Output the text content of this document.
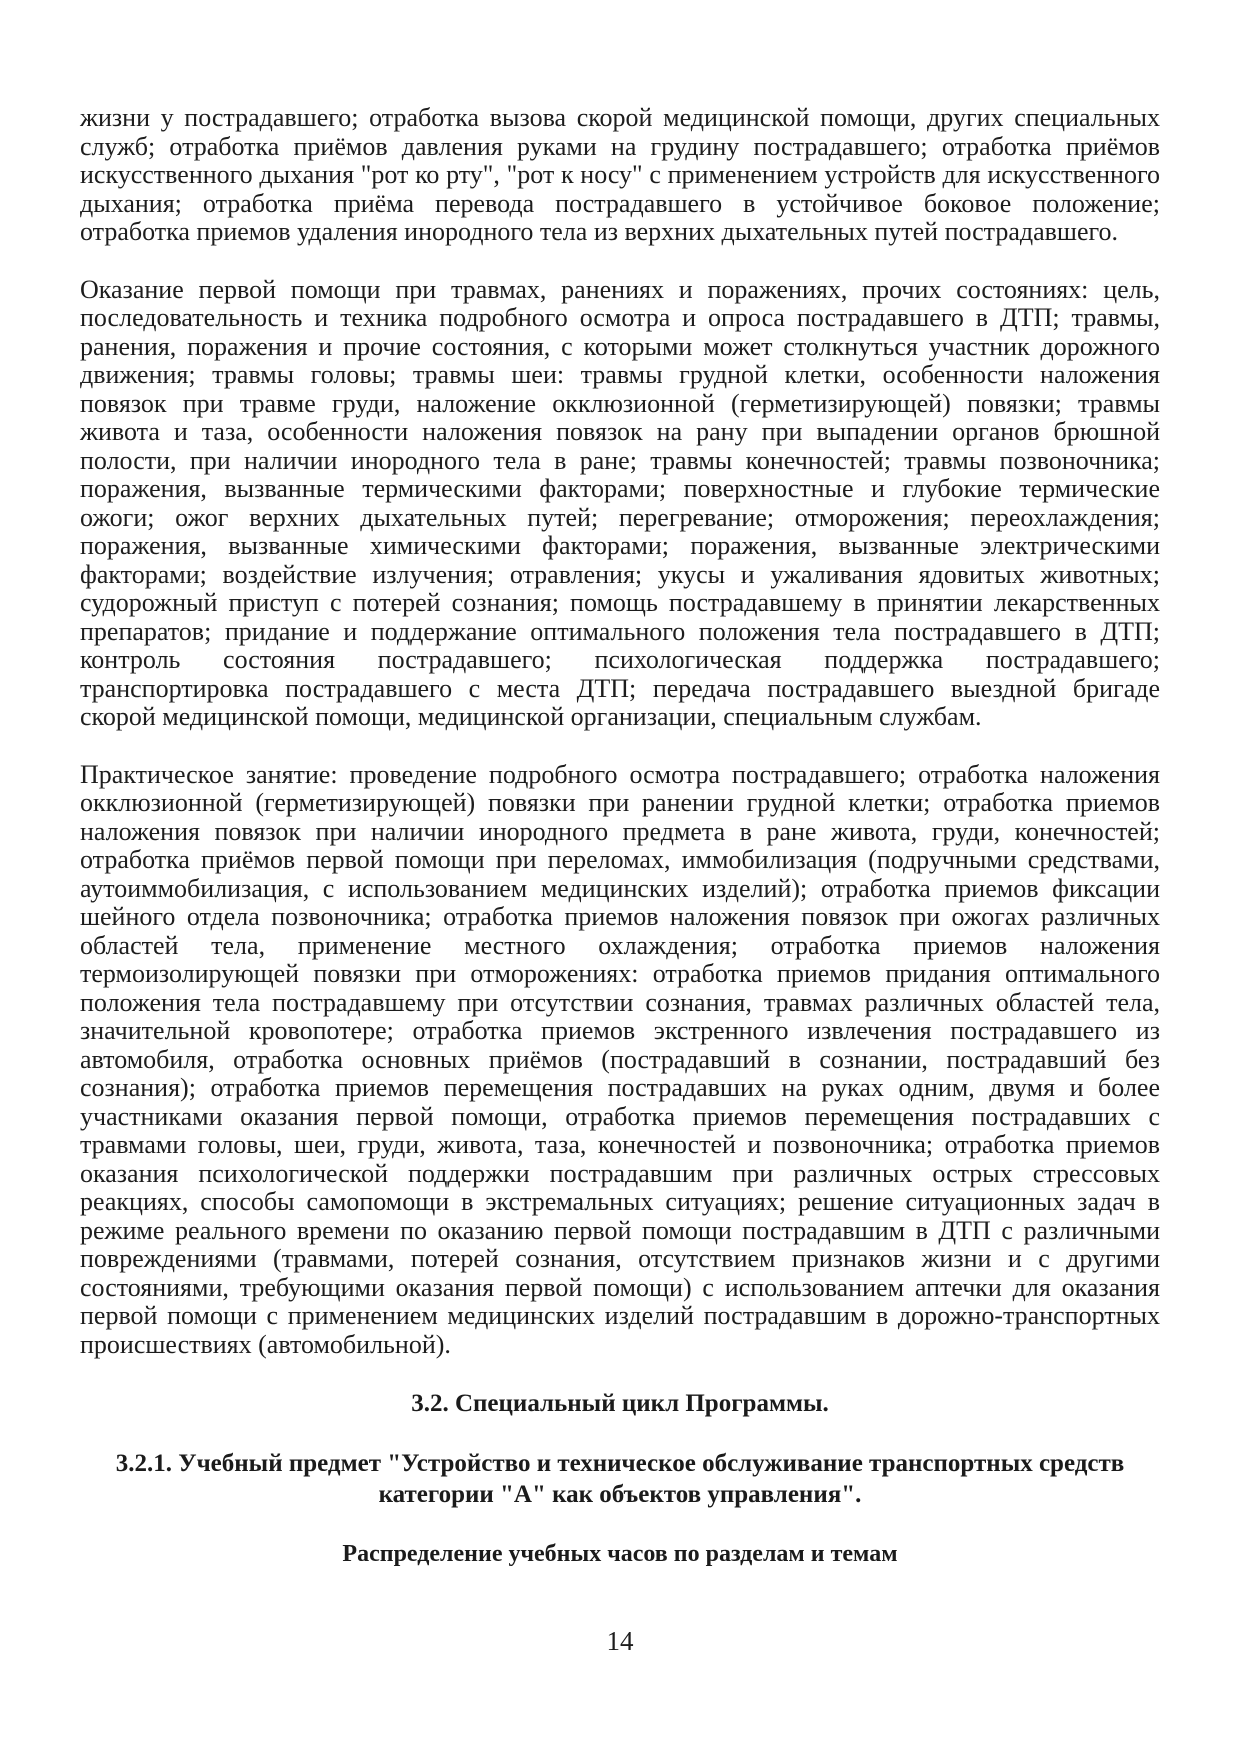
жизни у пострадавшего; отработка вызова скорой медицинской помощи, других специальных служб; отработка приёмов давления руками на грудину пострадавшего; отработка приёмов искусственного дыхания "рот ко рту", "рот к носу" с применением устройств для искусственного дыхания; отработка приёма перевода пострадавшего в устойчивое боковое положение; отработка приемов удаления инородного тела из верхних дыхательных путей пострадавшего.

Оказание первой помощи при травмах, ранениях и поражениях, прочих состояниях: цель, последовательность и техника подробного осмотра и опроса пострадавшего в ДТП; травмы, ранения, поражения и прочие состояния, с которыми может столкнуться участник дорожного движения; травмы головы; травмы шеи: травмы грудной клетки, особенности наложения повязок при травме груди, наложение окклюзионной (герметизирующей) повязки; травмы живота и таза, особенности наложения повязок на рану при выпадении органов брюшной полости, при наличии инородного тела в ране; травмы конечностей; травмы позвоночника; поражения, вызванные термическими факторами; поверхностные и глубокие термические ожоги; ожог верхних дыхательных путей; перегревание; отморожения; переохлаждения; поражения, вызванные химическими факторами; поражения, вызванные электрическими факторами; воздействие излучения; отравления; укусы и ужаливания ядовитых животных; судорожный приступ с потерей сознания; помощь пострадавшему в принятии лекарственных препаратов; придание и поддержание оптимального положения тела пострадавшего в ДТП; контроль состояния пострадавшего; психологическая поддержка пострадавшего; транспортировка пострадавшего с места ДТП; передача пострадавшего выездной бригаде скорой медицинской помощи, медицинской организации, специальным службам.

Практическое занятие: проведение подробного осмотра пострадавшего; отработка наложения окклюзионной (герметизирующей) повязки при ранении грудной клетки; отработка приемов наложения повязок при наличии инородного предмета в ране живота, груди, конечностей; отработка приёмов первой помощи при переломах, иммобилизация (подручными средствами, аутоиммобилизация, с использованием медицинских изделий); отработка приемов фиксации шейного отдела позвоночника; отработка приемов наложения повязок при ожогах различных областей тела, применение местного охлаждения; отработка приемов наложения термоизолирующей повязки при отморожениях: отработка приемов придания оптимального положения тела пострадавшему при отсутствии сознания, травмах различных областей тела, значительной кровопотере; отработка приемов экстренного извлечения пострадавшего из автомобиля, отработка основных приёмов (пострадавший в сознании, пострадавший без сознания); отработка приемов перемещения пострадавших на руках одним, двумя и более участниками оказания первой помощи, отработка приемов перемещения пострадавших с травмами головы, шеи, груди, живота, таза, конечностей и позвоночника; отработка приемов оказания психологической поддержки пострадавшим при различных острых стрессовых реакциях, способы самопомощи в экстремальных ситуациях; решение ситуационных задач в режиме реального времени по оказанию первой помощи пострадавшим в ДТП с различными повреждениями (травмами, потерей сознания, отсутствием признаков жизни и с другими состояниями, требующими оказания первой помощи) с использованием аптечки для оказания первой помощи с применением медицинских изделий пострадавшим в дорожно-транспортных происшествиях (автомобильной).

3.2. Специальный цикл Программы.
3.2.1. Учебный предмет "Устройство и техническое обслуживание транспортных средств категории "А" как объектов управления".

Распределение учебных часов по разделам и темам

14
